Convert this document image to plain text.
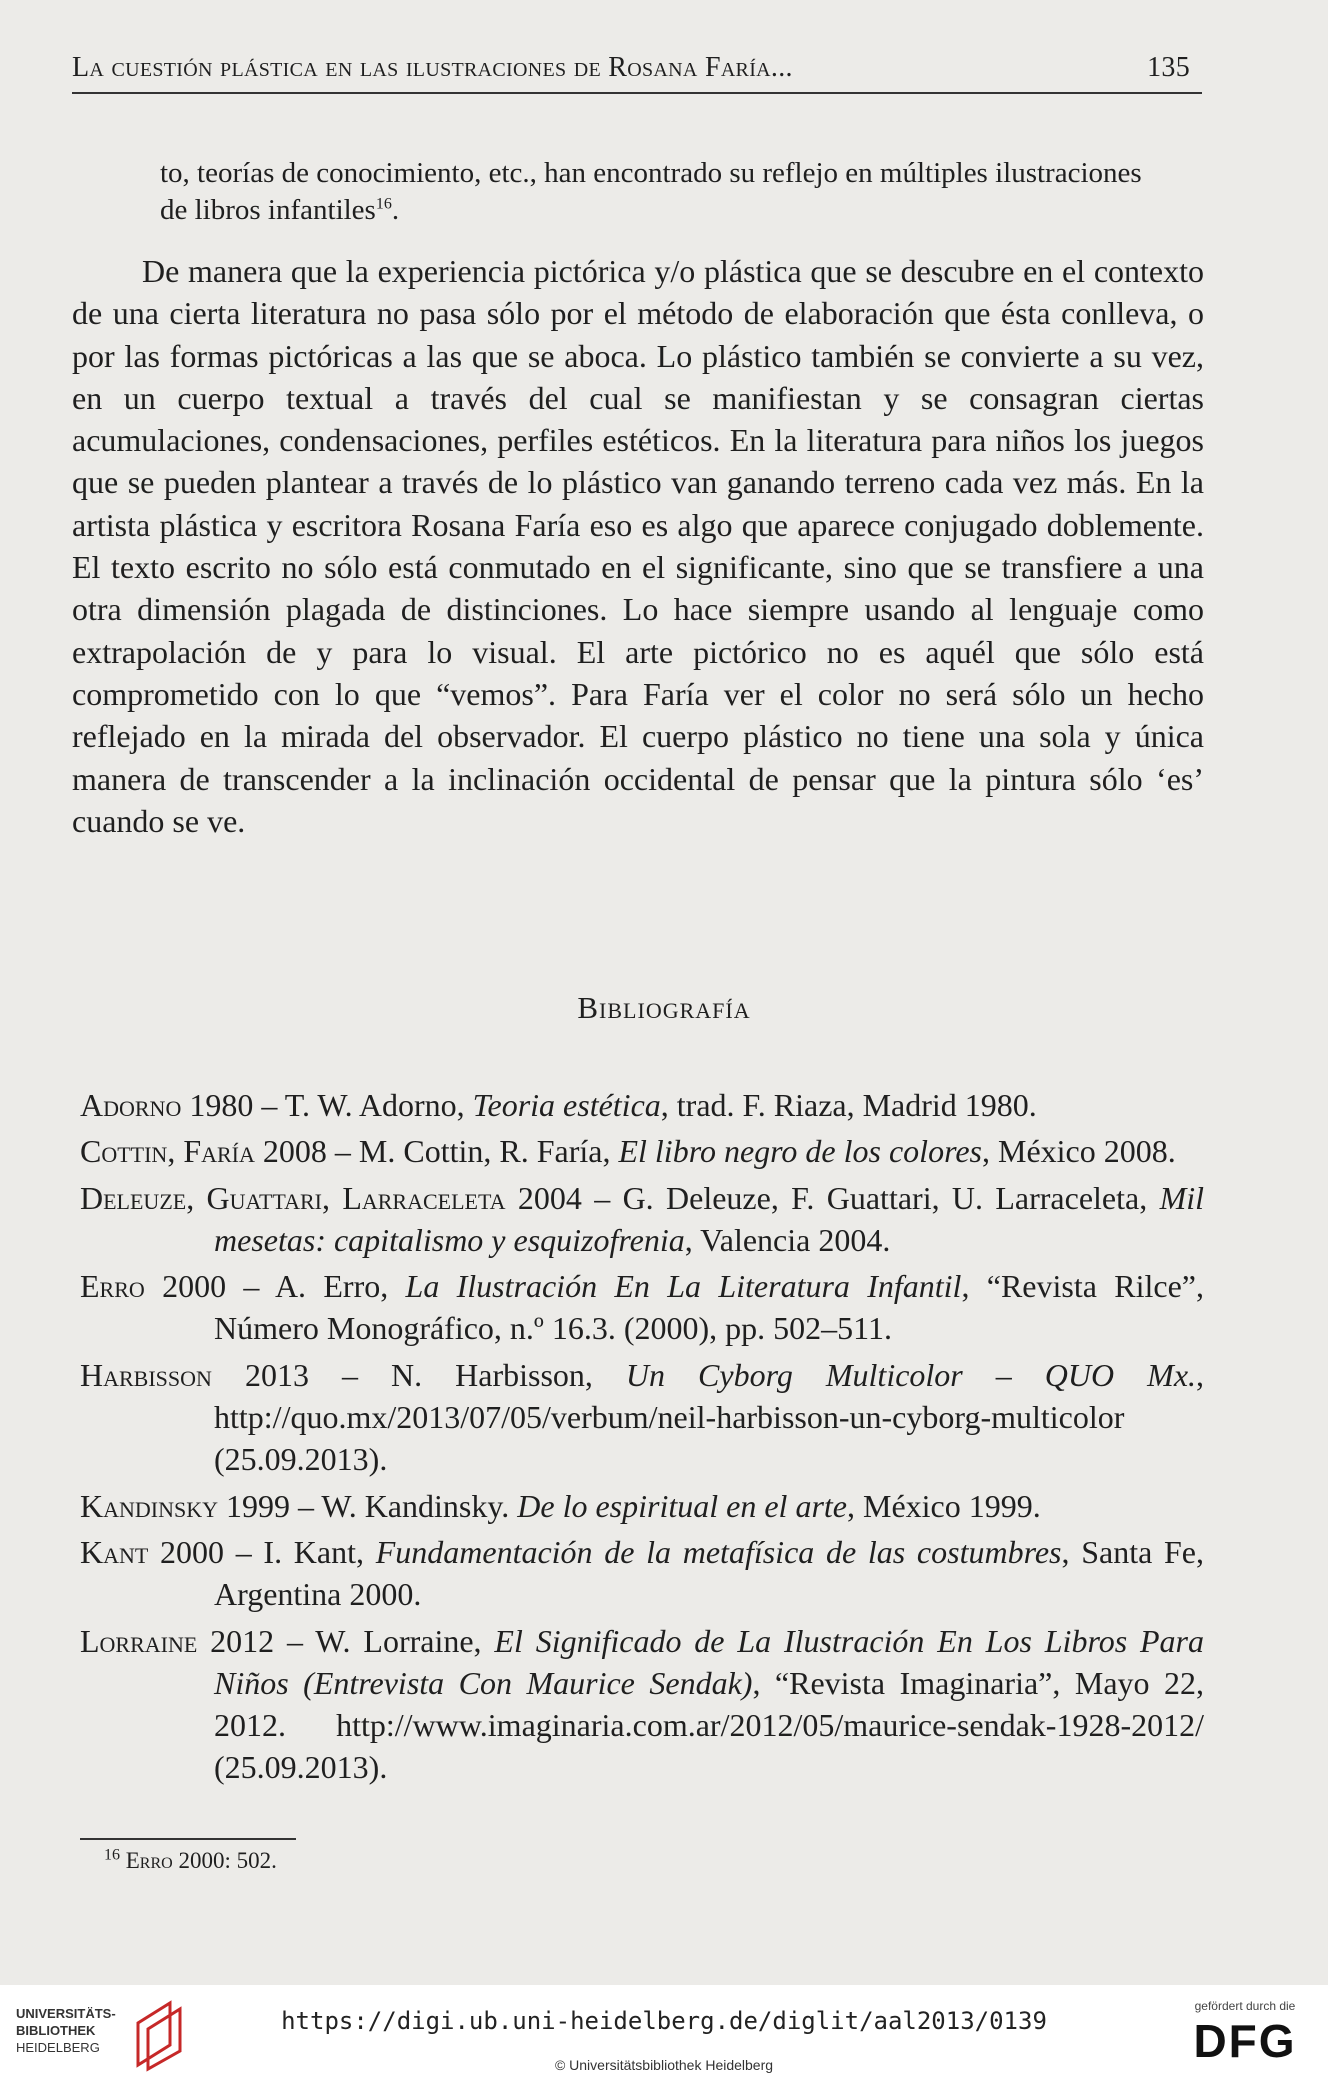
La cuestión plástica en las ilustraciones de Rosana Faría...	135
to, teorías de conocimiento, etc., han encontrado su reflejo en múltiples ilustraciones de libros infantiles$^{16}$.
De manera que la experiencia pictórica y/o plástica que se descubre en el contexto de una cierta literatura no pasa sólo por el método de elaboración que ésta conlleva, o por las formas pictóricas a las que se aboca. Lo plástico también se convierte a su vez, en un cuerpo textual a través del cual se manifiestan y se consagran ciertas acumulaciones, condensaciones, perfiles estéticos. En la literatura para niños los juegos que se pueden plantear a través de lo plástico van ganando terreno cada vez más. En la artista plástica y escritora Rosana Faría eso es algo que aparece conjugado doblemente. El texto escrito no sólo está conmutado en el significante, sino que se transfiere a una otra dimensión plagada de distinciones. Lo hace siempre usando al lenguaje como extrapolación de y para lo visual. El arte pictórico no es aquél que sólo está comprometido con lo que “vemos”. Para Faría ver el color no será sólo un hecho reflejado en la mirada del observador. El cuerpo plástico no tiene una sola y única manera de transcender a la inclinación occidental de pensar que la pintura sólo ‘es’ cuando se ve.
Bibliografía
Adorno 1980 – T. W. Adorno, Teoria estética, trad. F. Riaza, Madrid 1980.
Cottin, Faría 2008 – M. Cottin, R. Faría, El libro negro de los colores, México 2008.
Deleuze, Guattari, Larraceleta 2004 – G. Deleuze, F. Guattari, U. Larraceleta, Mil mesetas: capitalismo y esquizofrenia, Valencia 2004.
Erro 2000 – A. Erro, La Ilustración En La Literatura Infantil, “Revista Rilce”, Número Monográfico, n.º 16.3. (2000), pp. 502–511.
Harbisson 2013 – N. Harbisson, Un Cyborg Multicolor – QUO Mx., http://quo.mx/2013/07/05/verbum/neil-harbisson-un-cyborg-multicolor (25.09.2013).
Kandinsky 1999 – W. Kandinsky. De lo espiritual en el arte, México 1999.
Kant 2000 – I. Kant, Fundamentación de la metafísica de las costumbres, Santa Fe, Argentina 2000.
Lorraine 2012 – W. Lorraine, El Significado de La Ilustración En Los Libros Para Niños (Entrevista Con Maurice Sendak), “Revista Imaginaria”, Mayo 22, 2012. http://www.imaginaria.com.ar/2012/05/maurice-sendak-1928-2012/ (25.09.2013).
$^{16}$ Erro 2000: 502.
UNIVERSITÄTS-
BIBLIOTHEK
HEIDELBERG
https://digi.ub.uni-heidelberg.de/diglit/aal2013/0139
© Universitätsbibliothek Heidelberg
gefördert durch die
DFG
